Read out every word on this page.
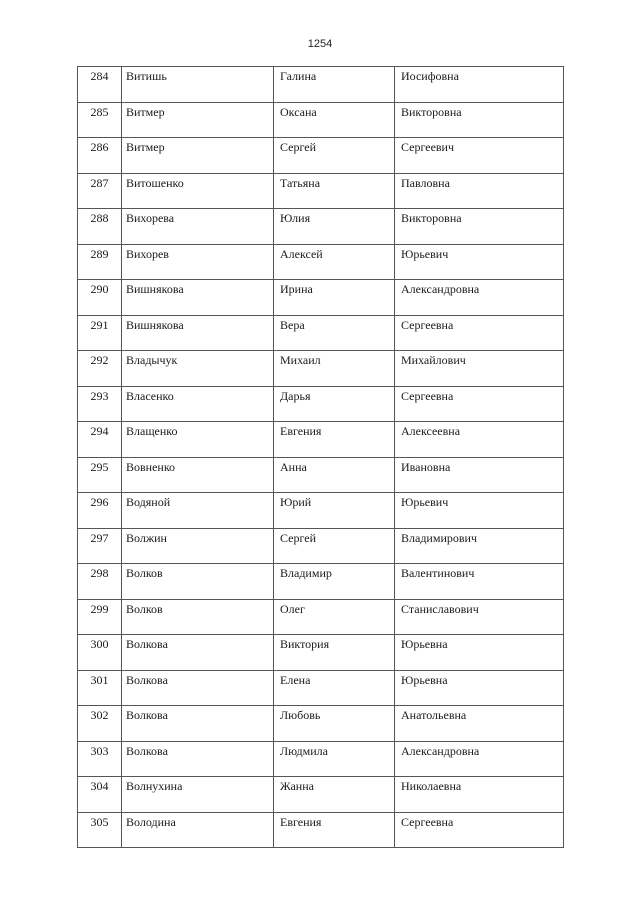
1254
284	Витишь	Галина	Иосифовна

285	Витмер	Оксана	Викторовна

286	Витмер	Сергей	Сергеевич

287	Витошенко	Татьяна	Павловна

288	Вихорева	Юлия	Викторовна

289	Вихорев	Алексей	Юрьевич

290	Вишнякова	Ирина	Александровна

291	Вишнякова	Вера	Сергеевна

292	Владычук	Михаил	Михайлович

293	Власенко	Дарья	Сергеевна

294	Влащенко	Евгения	Алексеевна

295	Вовненко	Анна	Ивановна

296	Водяной	Юрий	Юрьевич

297	Волжин	Сергей	Владимирович

298	Волков	Владимир	Валентинович

299	Волков	Олег	Станиславович

300	Волкова	Виктория	Юрьевна

301	Волкова	Елена	Юрьевна

302	Волкова	Любовь	Анатольевна

303	Волкова	Людмила	Александровна

304	Волнухина	Жанна	Николаевна

305	Володина	Евгения	Сергеевна
